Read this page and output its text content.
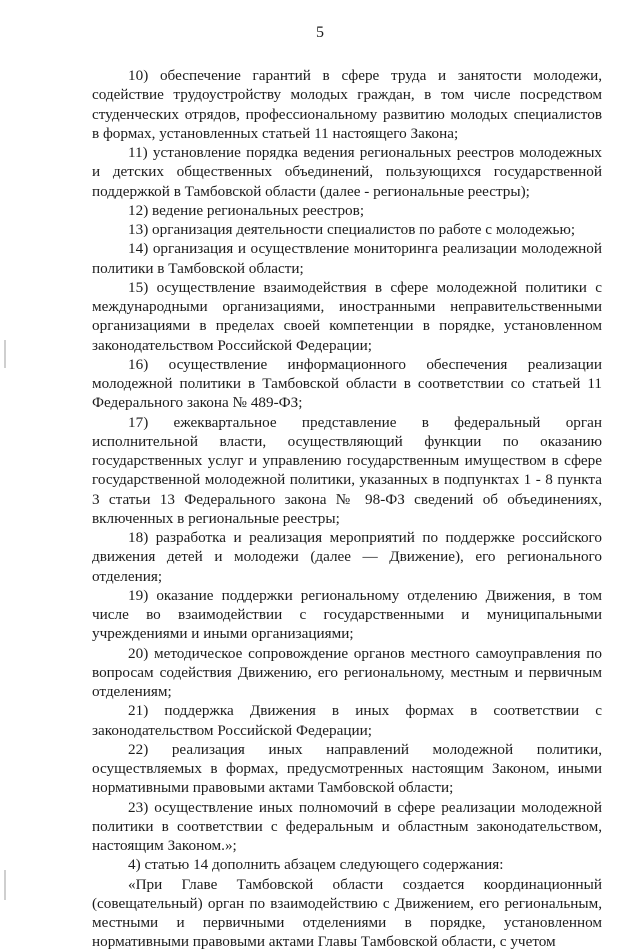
5

10) обеспечение гарантий в сфере труда и занятости молодежи, содействие трудоустройству молодых граждан, в том числе посредством студенческих отрядов, профессиональному развитию молодых специалистов в формах, установленных статьей 11 настоящего Закона;

11) установление порядка ведения региональных реестров молодежных и детских общественных объединений, пользующихся государственной поддержкой в Тамбовской области (далее - региональные реестры);

12) ведение региональных реестров;

13) организация деятельности специалистов по работе с молодежью;

14) организация и осуществление мониторинга реализации молодежной политики в Тамбовской области;

15) осуществление взаимодействия в сфере молодежной политики с международными организациями, иностранными неправительственными организациями в пределах своей компетенции в порядке, установленном законодательством Российской Федерации;

16) осуществление информационного обеспечения реализации молодежной политики в Тамбовской области в соответствии со статьей 11 Федерального закона № 489-ФЗ;

17) ежеквартальное представление в федеральный орган исполнительной власти, осуществляющий функции по оказанию государственных услуг и управлению государственным имуществом в сфере государственной молодежной политики, указанных в подпунктах 1 - 8 пункта 3 статьи 13 Федерального закона № 98-ФЗ сведений об объединениях, включенных в региональные реестры;

18) разработка и реализация мероприятий по поддержке российского движения детей и молодежи (далее — Движение), его регионального отделения;

19) оказание поддержки региональному отделению Движения, в том числе во взаимодействии с государственными и муниципальными учреждениями и иными организациями;

20) методическое сопровождение органов местного самоуправления по вопросам содействия Движению, его региональному, местным и первичным отделениям;

21) поддержка Движения в иных формах в соответствии с законодательством Российской Федерации;

22) реализация иных направлений молодежной политики, осуществляемых в формах, предусмотренных настоящим Законом, иными нормативными правовыми актами Тамбовской области;

23) осуществление иных полномочий в сфере реализации молодежной политики в соответствии с федеральным и областным законодательством, настоящим Законом.»;

4) статью 14 дополнить абзацем следующего содержания:

«При Главе Тамбовской области создается координационный (совещательный) орган по взаимодействию с Движением, его региональным, местными и первичными отделениями в порядке, установленном нормативными правовыми актами Главы Тамбовской области, с учетом
